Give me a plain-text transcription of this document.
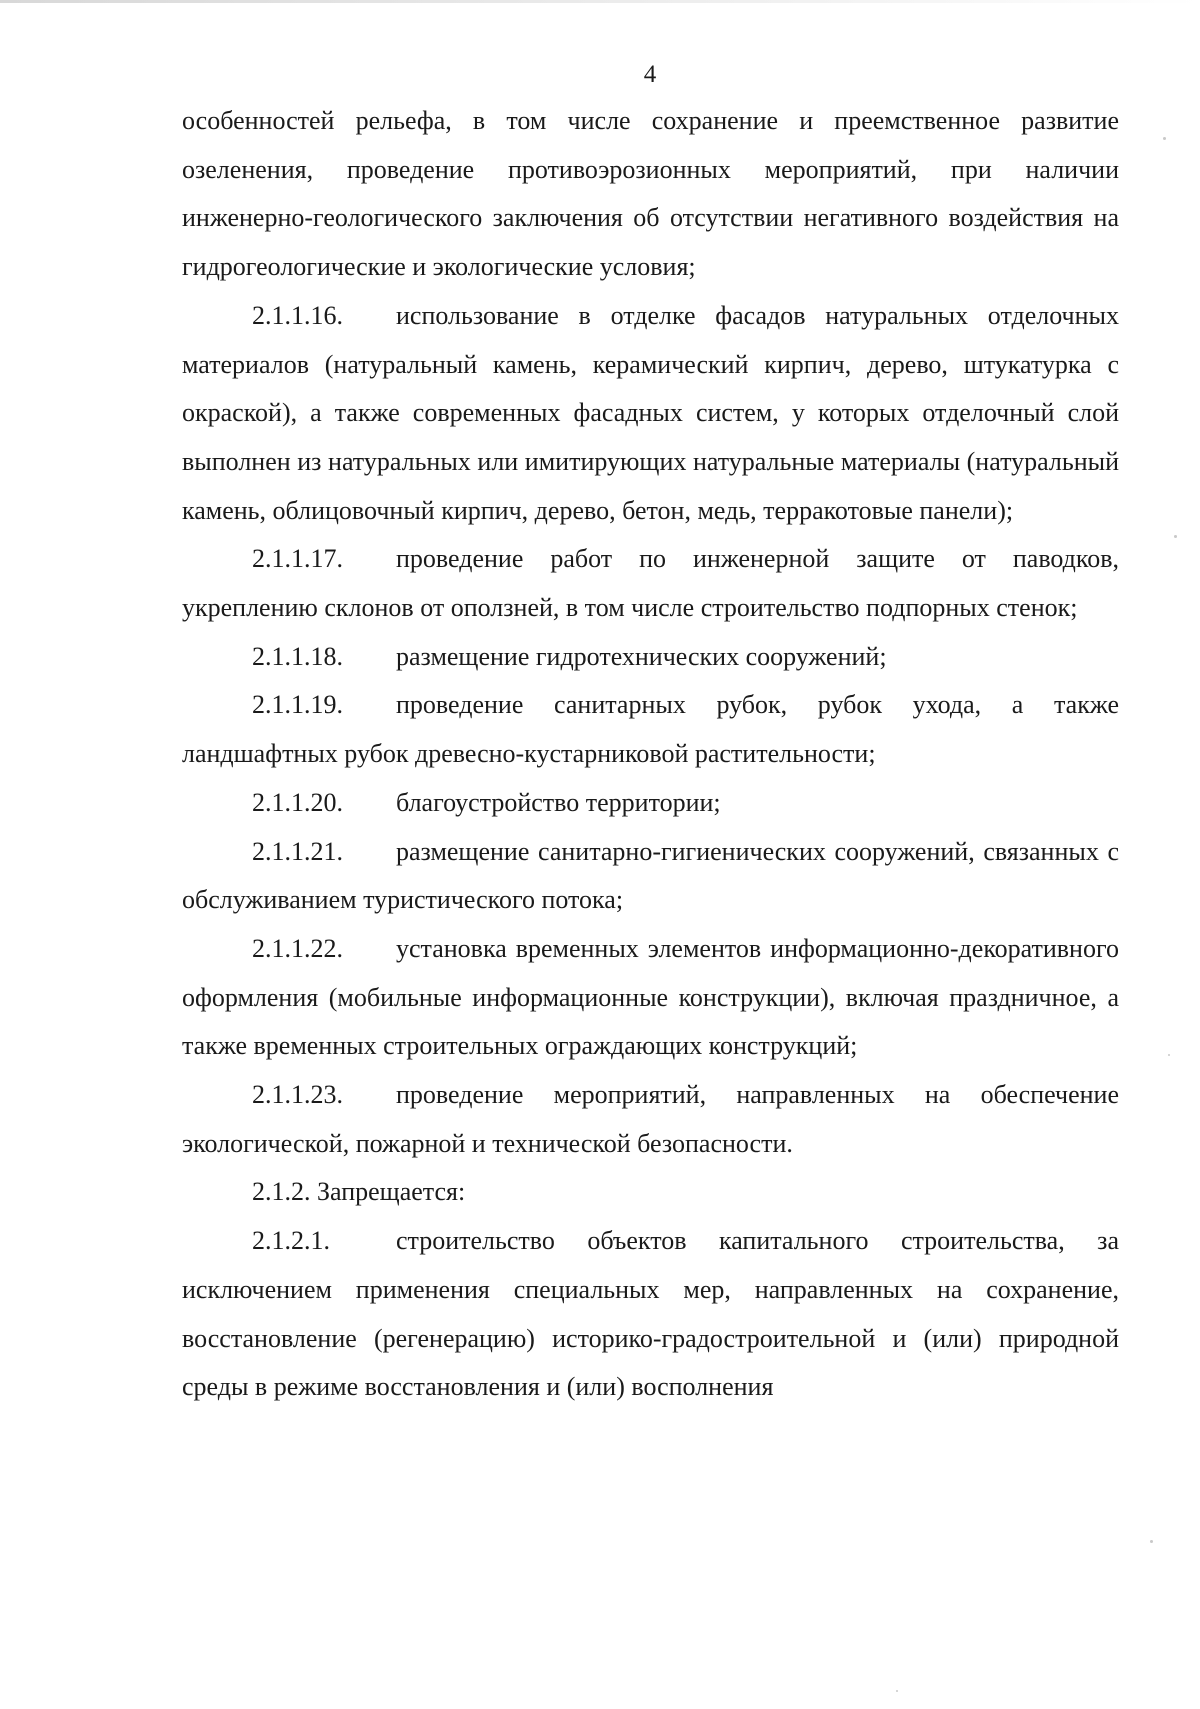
4

особенностей рельефа, в том числе сохранение и преемственное развитие озеленения, проведение противоэрозионных мероприятий, при наличии инженерно-геологического заключения об отсутствии негативного воздействия на гидрогеологические и экологические условия;

2.1.1.16. использование в отделке фасадов натуральных отделочных материалов (натуральный камень, керамический кирпич, дерево, штукатурка с окраской), а также современных фасадных систем, у которых отделочный слой выполнен из натуральных или имитирующих натуральные материалы (натуральный камень, облицовочный кирпич, дерево, бетон, медь, терракотовые панели);

2.1.1.17. проведение работ по инженерной защите от паводков, укреплению склонов от оползней, в том числе строительство подпорных стенок;

2.1.1.18. размещение гидротехнических сооружений;

2.1.1.19. проведение санитарных рубок, рубок ухода, а также ландшафтных рубок древесно-кустарниковой растительности;

2.1.1.20. благоустройство территории;

2.1.1.21. размещение санитарно-гигиенических сооружений, связанных с обслуживанием туристического потока;

2.1.1.22. установка временных элементов информационно-декоративного оформления (мобильные информационные конструкции), включая праздничное, а также временных строительных ограждающих конструкций;

2.1.1.23. проведение мероприятий, направленных на обеспечение экологической, пожарной и технической безопасности.

2.1.2. Запрещается:

2.1.2.1.	строительство объектов капитального строительства, за исключением применения специальных мер, направленных на сохранение, восстановление (регенерацию) историко-градостроительной и (или) природной среды в режиме восстановления и (или) восполнения
